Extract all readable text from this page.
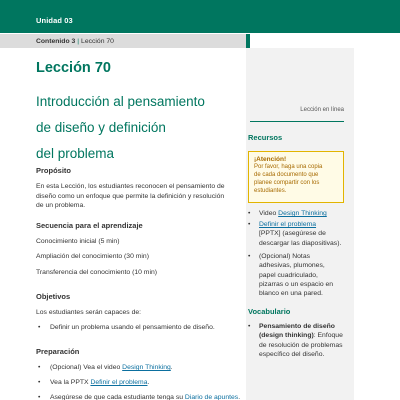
Unidad 03
Contenido 3 | Lección 70
Lección 70
Introducción al pensamiento
de diseño y definición
del problema
Propósito
En esta Lección, los estudiantes reconocen el pensamiento de
diseño como un enfoque que permite la definición y resolución
de un problema.
Secuencia para el aprendizaje
Conocimiento inicial (5 min)
Ampliación del conocimiento (30 min)
Transferencia del conocimiento (10 min)
Objetivos
Los estudiantes serán capaces de:
• Definir un problema usando el pensamiento de diseño.
Preparación
• (Opcional) Vea el video Design Thinking.
• Vea la PPTX Definir el problema.
• Asegúrese de que cada estudiante tenga su Diario de apuntes.
Lección en línea
Recursos
¡Atención!
Por favor, haga una copia
de cada documento que
planee compartir con los
estudiantes.
• Video Design Thinking
• Definir el problema
[PPTX] (asegúrese de
descargar las diapositivas).
• (Opcional) Notas
adhesivas, plumones,
papel cuadriculado,
pizarras o un espacio en
blanco en una pared.
Vocabulario
• Pensamiento de diseño
(design thinking): Enfoque
de resolución de problemas
específico del diseño.
